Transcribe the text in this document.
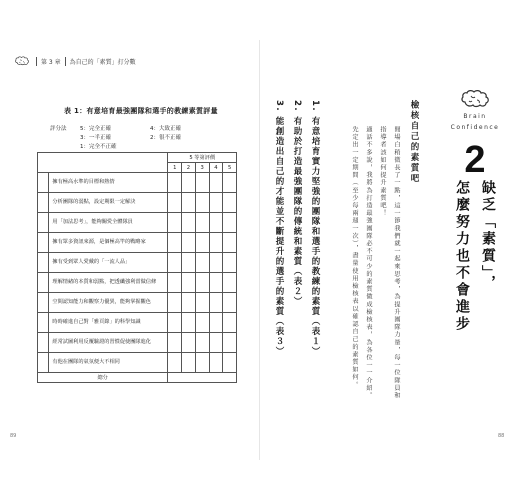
第 3 章	為自己的「素質」打分數
表 1：有意培育最強團隊和選手的教練素質評量
評分法	5：完全正確	4：大致正確
3：一半正確	2：很不正確
1：完全不正確
		5 等第評價				
		1	2	3	4	5
	擁有極高水準的目標和熱情					
	分析團隊的弱點，設定期限一定解決					
	用「加法思考」，能夠關愛全體隊員					
	擁有眾多資訊來源，是個極高竿的戰略家					
	擁有受到眾人愛戴的「一流人品」					
	理解情緒的本質和弱點，把透纖強利當做信條					
	空間認知能力和觀察力優異，能夠掌握觀色					
	時時確進自己對「雅頁錄」的科學知識					
	經常試圖利用反覆驗證的習慣促使團隊進化					
	有他在團隊的氣氛便大不相同					
總分						
89
3. 能創造出自己的才能並不斷提升的選手的素質（表３） 2. 有助於打造最強團隊的傳統和素質（表２） 1. 有意培育實力堅強的團隊和選手的教練的素質（表１）	先定出一定期間（至少每兩週一次），盡量使用檢核表以確認自己的素質如何。	適話不多說，我將為打造最強團隊必不可少的素質做成檢核表，為各位一一介紹。	指導者該如何提升素質吧！	閒場白稍微長了一點，這一節我們就一起來思考，為提升團隊力量，每一位隊員和 檢核自己的素質吧	Brain
Confidence
2
怎麼努力也不會進步 缺乏「素質」，
88
